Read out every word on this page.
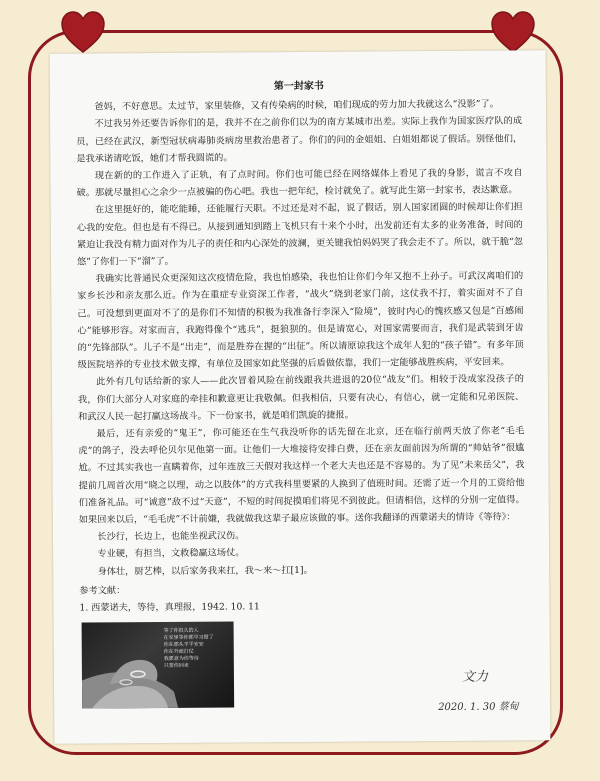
第一封家书

爸妈，不好意思。太过节，家里装修，又有传染病的时候，咱们现成的劳力加大我就这么“没影”了。

不过我另外还要告诉你们的是，我并不在之前你们以为的南方某城市出差。实际上我作为国家医疗队的成员，已经在武汉，新型冠状病毒肺炎病房里救治患者了。你们的问的金姐姐、白姐姐都说了假话。别怪他们，是我承诺请吃饭，她们才帮我圆谎的。

现在新的的工作进入了正轨，有了点时间。你们也可能已经在网络媒体上看见了我的身影，谎言不攻自破。那就尽量担心之余少一点被骗的伤心吧。我也一把年纪，检讨就免了。就写此生第一封家书，表达歉意。

在这里挺好的，能吃能睡，还能履行天职。不过还是对不起，说了假话，别人国家团圆的时候却让你们担心我的安危。但也是有不得已。从接到通知到踏上飞机只有十来个小时，出发前还有太多的业务准备，时间的紧迫让我没有精力面对作为儿子的责任和内心深处的波澜，更关键我怕妈妈哭了我会走不了。所以，就干脆“忽悠”了你们一下“溜”了。

我确实比普通民众更深知这次疫情危险，我也怕感染，我也怕让你们今年又抱不上孙子。可武汉离咱们的家乡长沙和亲友那么近。作为在重症专业资深工作者，“战火”烧到老家门前，这仗我不打，着实面对不了自己。可没想到更面对不了的是你们不知情的积极为我准备行李深入“险境”，彼时内心的愧疚感又包是“百感闹心”能够形容。对家而言，我跑得像个“逃兵”，挺狼狈的。但是请宽心，对国家需要而言，我们是武装到牙齿的“先锋部队”。儿子不是“出走”，而是胜券在握的“出征”。所以请原谅我这个成年人犯的“孩子错”。有多年顶级医院培养的专业技术做支撑，有单位及国家如此坚强的后盾做依靠，我们一定能够战胜疾病，平安回来。

此外有几句话给新的家人——此次冒着风险在前线跟我共进退的20位“战友”们。相较于没成家没孩子的我，你们大部分人对家庭的牵挂和歉意更让我敬佩。但我相信，只要有决心，有信心，就一定能和兄弟医院、和武汉人民一起打赢这场战斗。下一份家书，就是咱们凯旋的捷报。

最后，还有亲爱的“鬼王”，你可能还在生气我没听你的话先留在北京，还在临行前两天放了你老“毛毛虎”的鸽子，没去呼伦贝尔见他第一面。让他们一大堆接待安排白费，还在亲友面前因为所谓的“帅姑爷”很尴尬。不过其实我也一直瞒着你，过年连放三天假对我这样一个老大夫也还是不容易的。为了见“未来岳父”，我提前几周首次用“晓之以理，动之以肢体”的方式我科里要紧的人换到了值班时间。还需了近一个月的工资给他们准备礼品。可“诚意”敌不过“天意”，不短的时间捉摸咱们将见不到彼此。但请相信，这样的分别一定值得。如果回来以后，“毛毛虎”不计前嫌，我就做我这辈子最应该做的事。送你我翻译的西蒙诺夫的情诗《等待》：

长沙行，长边上，也能坐视武汉伤。

专业硬，有担当，文救稳赢这场仗。

身体壮，厨艺棒，以后家务我来扛，我～来～扛[1]。

参考文献：
1. 西蒙诺夫，等待，真理报，1942. 10. 11
等了你很久的人
在家里等你都早习惯了
你在那头平平安安
你在外面打仗
我愿意为你等待
只要你回来
文力
2020. 1. 30 蔡甸
